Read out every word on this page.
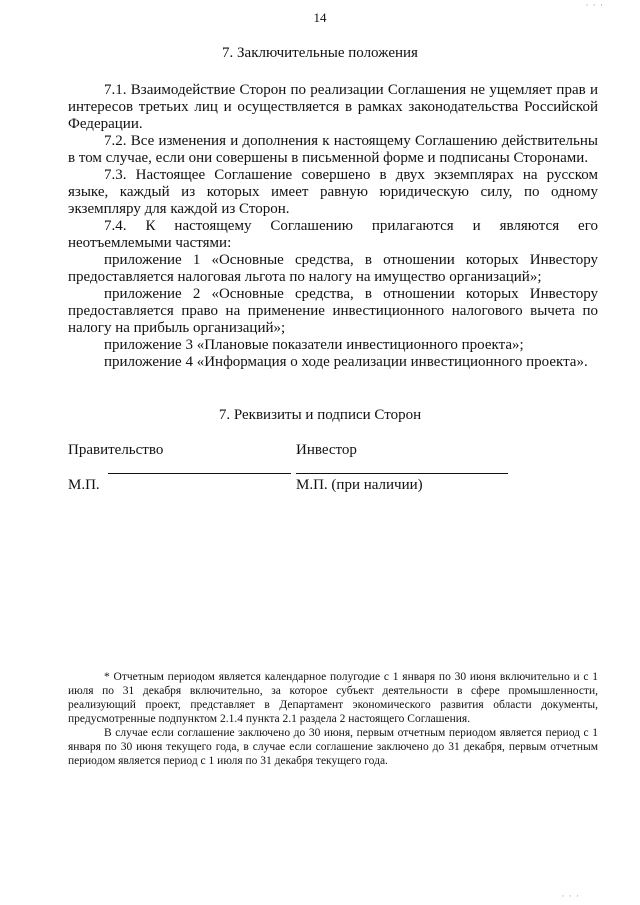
· · ·
14
7. Заключительные положения

7.1. Взаимодействие Сторон по реализации Соглашения не ущемляет прав и интересов третьих лиц и осуществляется в рамках законодательства Российской Федерации.

7.2. Все изменения и дополнения к настоящему Соглашению действительны в том случае, если они совершены в письменной форме и подписаны Сторонами.

7.3. Настоящее Соглашение совершено в двух экземплярах на русском языке, каждый из которых имеет равную юридическую силу, по одному экземпляру для каждой из Сторон.

7.4. К настоящему Соглашению прилагаются и являются его неотъемлемыми частями:

приложение 1 «Основные средства, в отношении которых Инвестору предоставляется налоговая льгота по налогу на имущество организаций»;

приложение 2 «Основные средства, в отношении которых Инвестору предоставляется право на применение инвестиционного налогового вычета по налогу на прибыль организаций»;

приложение 3 «Плановые показатели инвестиционного проекта»;

приложение 4 «Информация о ходе реализации инвестиционного проекта».

7. Реквизиты и подписи Сторон
Правительство	Инвестор
М.П.	М.П. (при наличии)

* Отчетным периодом является календарное полугодие с 1 января по 30 июня включительно и с 1 июля по 31 декабря включительно, за которое субъект деятельности в сфере промышленности, реализующий проект, представляет в Департамент экономического развития области документы, предусмотренные подпунктом 2.1.4 пункта 2.1 раздела 2 настоящего Соглашения.

В случае если соглашение заключено до 30 июня, первым отчетным периодом является период с 1 января по 30 июня текущего года, в случае если соглашение заключено до 31 декабря, первым отчетным периодом является период с 1 июля по 31 декабря текущего года.

· · ·
